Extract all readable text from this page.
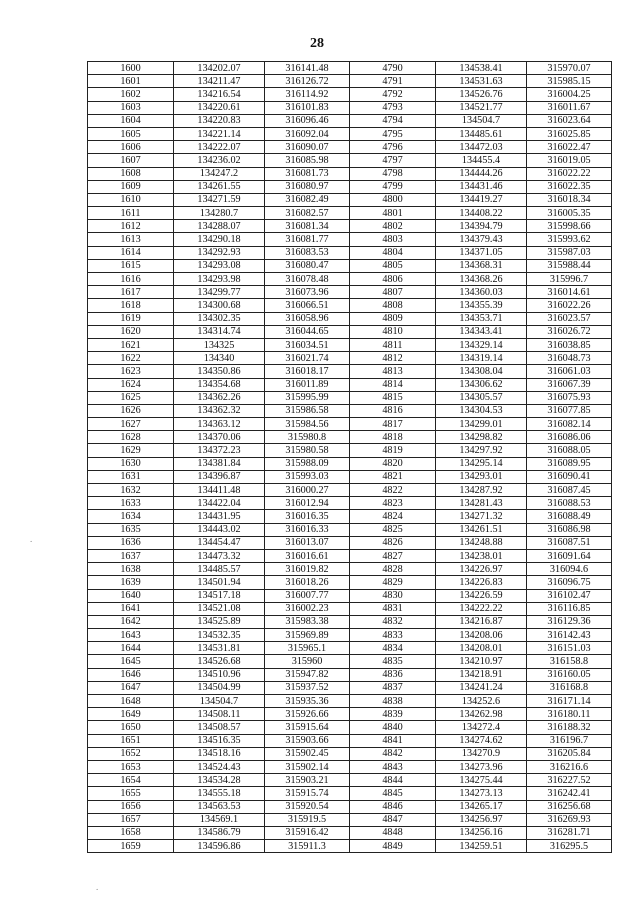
28
1600	134202.07	316141.48	4790	134538.41	315970.07
1601	134211.47	316126.72	4791	134531.63	315985.15
1602	134216.54	316114.92	4792	134526.76	316004.25
1603	134220.61	316101.83	4793	134521.77	316011.67
1604	134220.83	316096.46	4794	134504.7	316023.64
1605	134221.14	316092.04	4795	134485.61	316025.85
1606	134222.07	316090.07	4796	134472.03	316022.47
1607	134236.02	316085.98	4797	134455.4	316019.05
1608	134247.2	316081.73	4798	134444.26	316022.22
1609	134261.55	316080.97	4799	134431.46	316022.35
1610	134271.59	316082.49	4800	134419.27	316018.34
1611	134280.7	316082.57	4801	134408.22	316005.35
1612	134288.07	316081.34	4802	134394.79	315998.66
1613	134290.18	316081.77	4803	134379.43	315993.62
1614	134292.93	316083.53	4804	134371.05	315987.03
1615	134293.08	316080.47	4805	134368.31	315988.44
1616	134293.98	316078.48	4806	134368.26	315996.7
1617	134299.77	316073.96	4807	134360.03	316014.61
1618	134300.68	316066.51	4808	134355.39	316022.26
1619	134302.35	316058.96	4809	134353.71	316023.57
1620	134314.74	316044.65	4810	134343.41	316026.72
1621	134325	316034.51	4811	134329.14	316038.85
1622	134340	316021.74	4812	134319.14	316048.73
1623	134350.86	316018.17	4813	134308.04	316061.03
1624	134354.68	316011.89	4814	134306.62	316067.39
1625	134362.26	315995.99	4815	134305.57	316075.93
1626	134362.32	315986.58	4816	134304.53	316077.85
1627	134363.12	315984.56	4817	134299.01	316082.14
1628	134370.06	315980.8	4818	134298.82	316086.06
1629	134372.23	315980.58	4819	134297.92	316088.05
1630	134381.84	315988.09	4820	134295.14	316089.95
1631	134396.87	315993.03	4821	134293.01	316090.41
1632	134411.48	316000.27	4822	134287.92	316087.45
1633	134422.04	316012.94	4823	134281.43	316088.53
1634	134431.95	316016.35	4824	134271.32	316088.49
1635	134443.02	316016.33	4825	134261.51	316086.98
1636	134454.47	316013.07	4826	134248.88	316087.51
1637	134473.32	316016.61	4827	134238.01	316091.64
1638	134485.57	316019.82	4828	134226.97	316094.6
1639	134501.94	316018.26	4829	134226.83	316096.75
1640	134517.18	316007.77	4830	134226.59	316102.47
1641	134521.08	316002.23	4831	134222.22	316116.85
1642	134525.89	315983.38	4832	134216.87	316129.36
1643	134532.35	315969.89	4833	134208.06	316142.43
1644	134531.81	315965.1	4834	134208.01	316151.03
1645	134526.68	315960	4835	134210.97	316158.8
1646	134510.96	315947.82	4836	134218.91	316160.05
1647	134504.99	315937.52	4837	134241.24	316168.8
1648	134504.7	315935.36	4838	134252.6	316171.14
1649	134508.11	315926.66	4839	134262.98	316180.11
1650	134508.57	315915.64	4840	134272.4	316188.32
1651	134516.35	315903.66	4841	134274.62	316196.7
1652	134518.16	315902.45	4842	134270.9	316205.84
1653	134524.43	315902.14	4843	134273.96	316216.6
1654	134534.28	315903.21	4844	134275.44	316227.52
1655	134555.18	315915.74	4845	134273.13	316242.41
1656	134563.53	315920.54	4846	134265.17	316256.68
1657	134569.1	315919.5	4847	134256.97	316269.93
1658	134586.79	315916.42	4848	134256.16	316281.71
1659	134596.86	315911.3	4849	134259.51	316295.5
.
.
